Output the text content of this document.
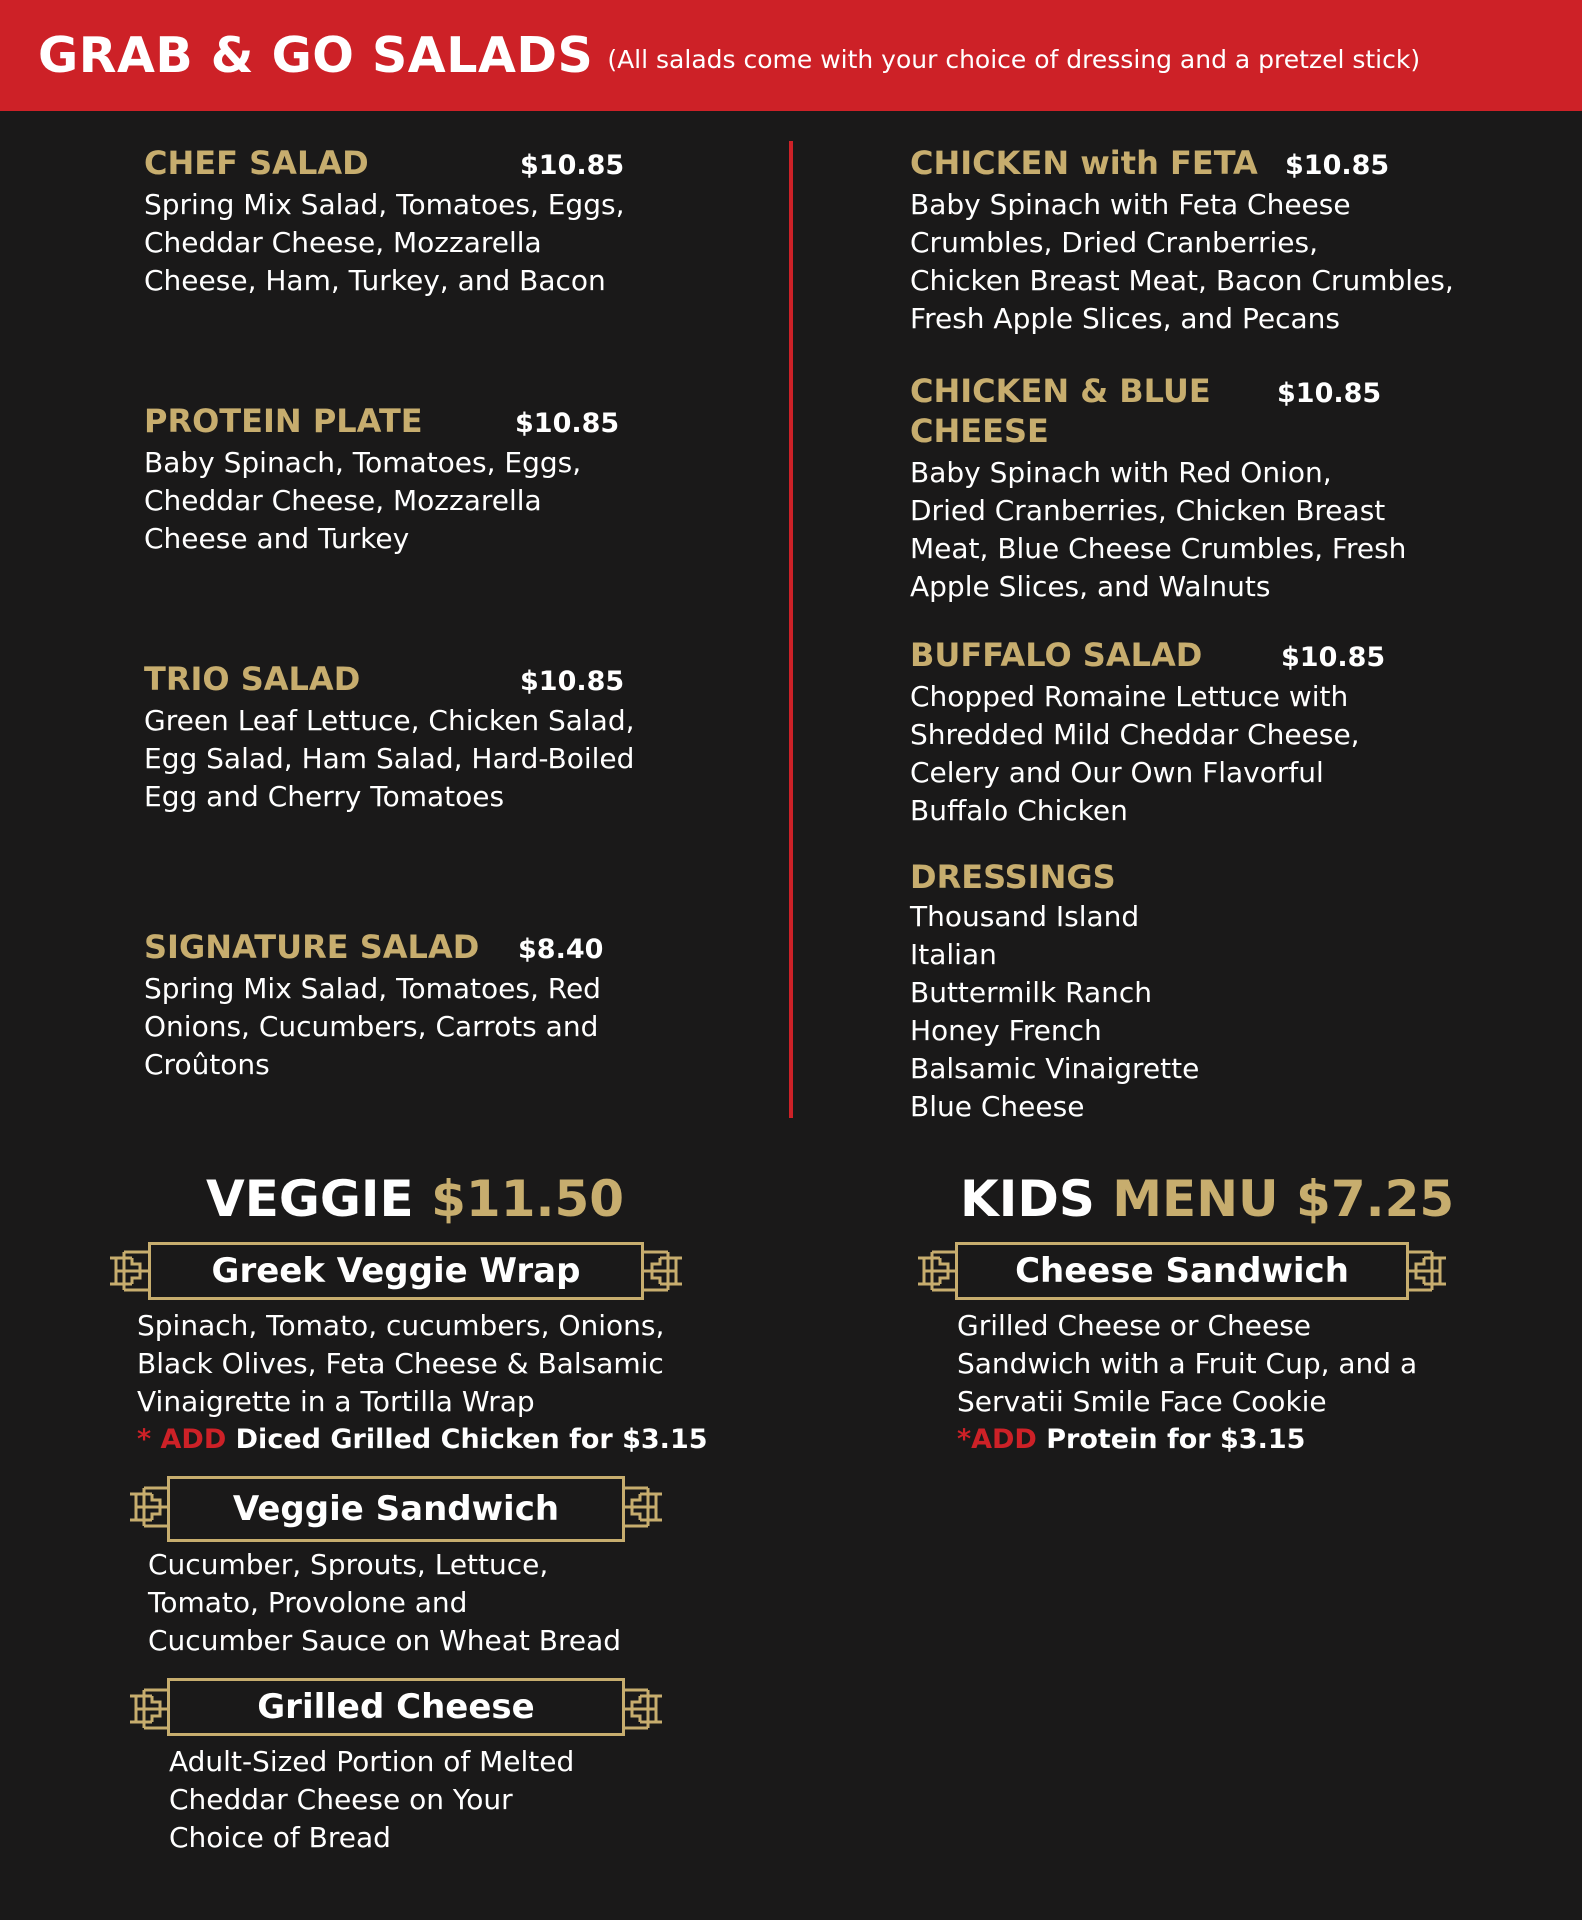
GRAB & GO SALADS (All salads come with your choice of dressing and a pretzel stick)
CHEF SALAD	$10.85
Spring Mix Salad, Tomatoes, Eggs,
Cheddar Cheese, Mozzarella
Cheese, Ham, Turkey, and Bacon
PROTEIN PLATE	$10.85
Baby Spinach, Tomatoes, Eggs,
Cheddar Cheese, Mozzarella
Cheese and Turkey
TRIO SALAD	$10.85
Green Leaf Lettuce, Chicken Salad,
Egg Salad, Ham Salad, Hard-Boiled
Egg and Cherry Tomatoes
SIGNATURE SALAD	$8.40
Spring Mix Salad, Tomatoes, Red
Onions, Cucumbers, Carrots and
Croûtons
CHICKEN with FETA	$10.85
Baby Spinach with Feta Cheese
Crumbles, Dried Cranberries,
Chicken Breast Meat, Bacon Crumbles,
Fresh Apple Slices, and Pecans
CHICKEN & BLUE	$10.85
CHEESE
Baby Spinach with Red Onion,
Dried Cranberries, Chicken Breast
Meat, Blue Cheese Crumbles, Fresh
Apple Slices, and Walnuts
BUFFALO SALAD	$10.85
Chopped Romaine Lettuce with
Shredded Mild Cheddar Cheese,
Celery and Our Own Flavorful
Buffalo Chicken
DRESSINGS
Thousand Island
Italian
Buttermilk Ranch
Honey French
Balsamic Vinaigrette
Blue Cheese
VEGGIE $11.50
Greek Veggie Wrap
Spinach, Tomato, cucumbers, Onions,
Black Olives, Feta Cheese & Balsamic
Vinaigrette in a Tortilla Wrap
* ADD Diced Grilled Chicken for $3.15
Veggie Sandwich
Cucumber, Sprouts, Lettuce,
Tomato, Provolone and
Cucumber Sauce on Wheat Bread
Grilled Cheese
Adult-Sized Portion of Melted
Cheddar Cheese on Your
Choice of Bread
KIDS MENU $7.25
Cheese Sandwich
Grilled Cheese or Cheese
Sandwich with a Fruit Cup, and a
Servatii Smile Face Cookie
*ADD Protein for $3.15
